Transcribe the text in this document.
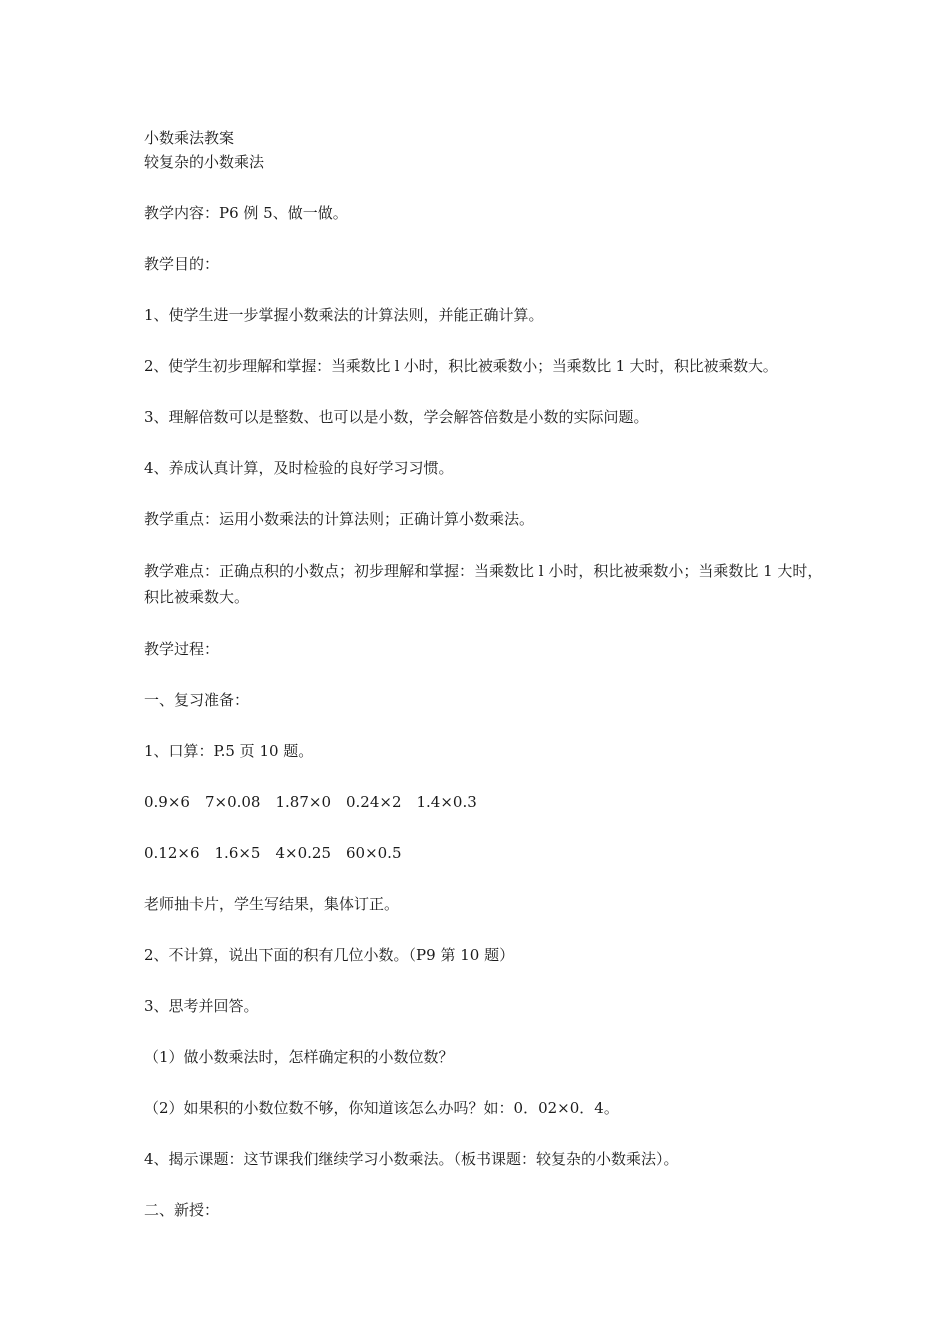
小数乘法教案

较复杂的小数乘法

教学内容：P6 例 5、做一做。

教学目的：

1、使学生进一步掌握小数乘法的计算法则，并能正确计算。

2、使学生初步理解和掌握：当乘数比 l 小时，积比被乘数小；当乘数比 1 大时，积比被乘数大。

3、理解倍数可以是整数、也可以是小数，学会解答倍数是小数的实际问题。

4、养成认真计算，及时检验的良好学习习惯。

教学重点：运用小数乘法的计算法则；正确计算小数乘法。

教学难点：正确点积的小数点；初步理解和掌握：当乘数比 l 小时，积比被乘数小；当乘数比 1 大时，积比被乘数大。

教学过程：

一、复习准备：

1、口算：P.5 页 10 题。

0.9×6　7×0.08　1.87×0　0.24×2　1.4×0.3

0.12×6　1.6×5　4×0.25　60×0.5

老师抽卡片，学生写结果，集体订正。

2、不计算，说出下面的积有几位小数。（P9 第 10 题）

3、思考并回答。

（1）做小数乘法时，怎样确定积的小数位数？

（2）如果积的小数位数不够，你知道该怎么办吗？如：0．02×0．4。

4、揭示课题：这节课我们继续学习小数乘法。（板书课题：较复杂的小数乘法）。

二、新授：
